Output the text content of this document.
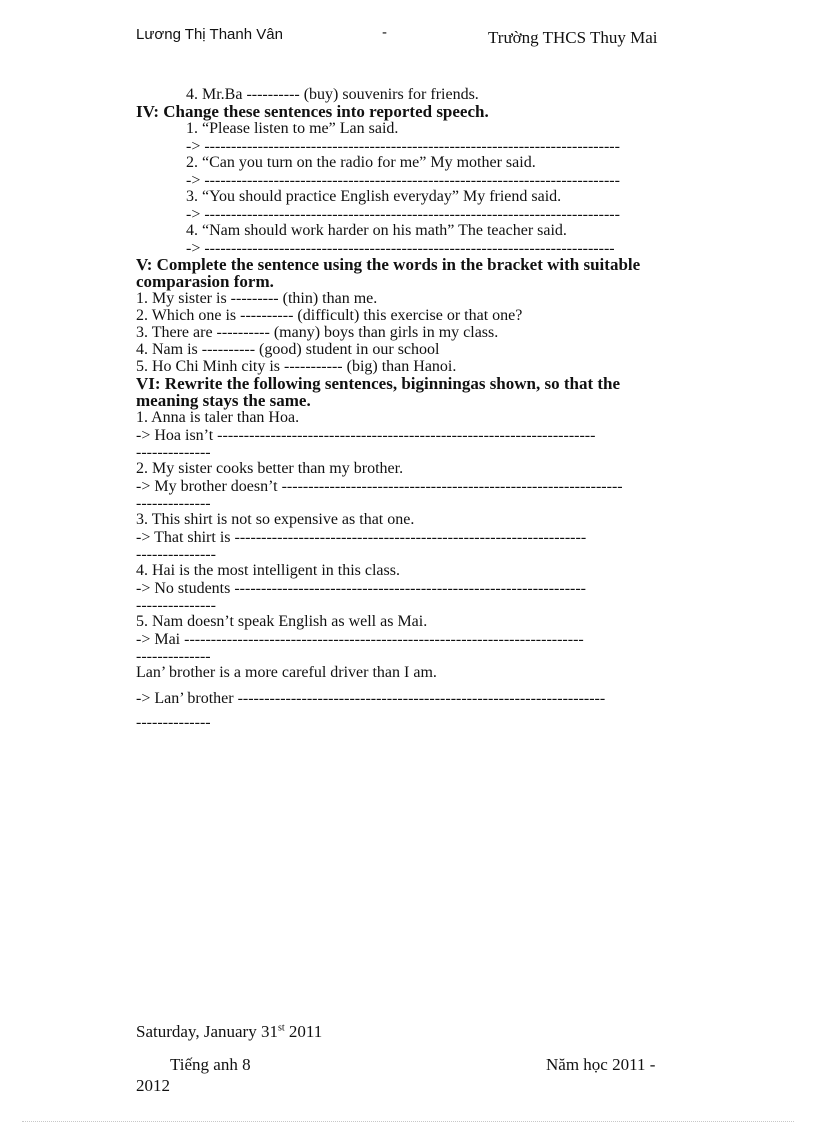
Lương Thị Thanh Vân	-	Trường THCS Thuy Mai
4. Mr.Ba ---------- (buy) souvenirs for friends.
IV: Change these sentences into reported speech.
1. “Please listen to me” Lan said.
-> ------------------------------------------------------------------------------
2. “Can you turn on the radio for me” My mother said.
-> ------------------------------------------------------------------------------
3. “You should practice English everyday” My friend said.
-> ------------------------------------------------------------------------------
4. “Nam should work harder on his math” The teacher said.
-> -----------------------------------------------------------------------------
V: Complete the sentence using the words in the bracket with suitable
comparasion form.
1. My sister is --------- (thin) than me.
2. Which one is ---------- (difficult) this exercise or that one?
3. There are ---------- (many) boys than girls in my class.
4. Nam is ---------- (good) student in our school
5. Ho Chi Minh city is ----------- (big) than Hanoi.
VI: Rewrite the following sentences, biginningas shown, so that the
meaning stays the same.
1. Anna is taler than Hoa.
-> Hoa isn’t -----------------------------------------------------------------------
--------------
2. My sister cooks better than my brother.
-> My brother doesn’t ----------------------------------------------------------------
--------------
3. This shirt is not so expensive as that one.
-> That shirt is ------------------------------------------------------------------
---------------
4. Hai is the most intelligent in this class.
-> No students ------------------------------------------------------------------
---------------
5. Nam doesn’t speak English as well as Mai.
-> Mai ---------------------------------------------------------------------------
--------------
Lan’ brother is a more careful driver than I am.
-> Lan’ brother ---------------------------------------------------------------------
--------------
Saturday, January 31st 2011
Tiếng anh 8	Năm học 2011 -
2012
